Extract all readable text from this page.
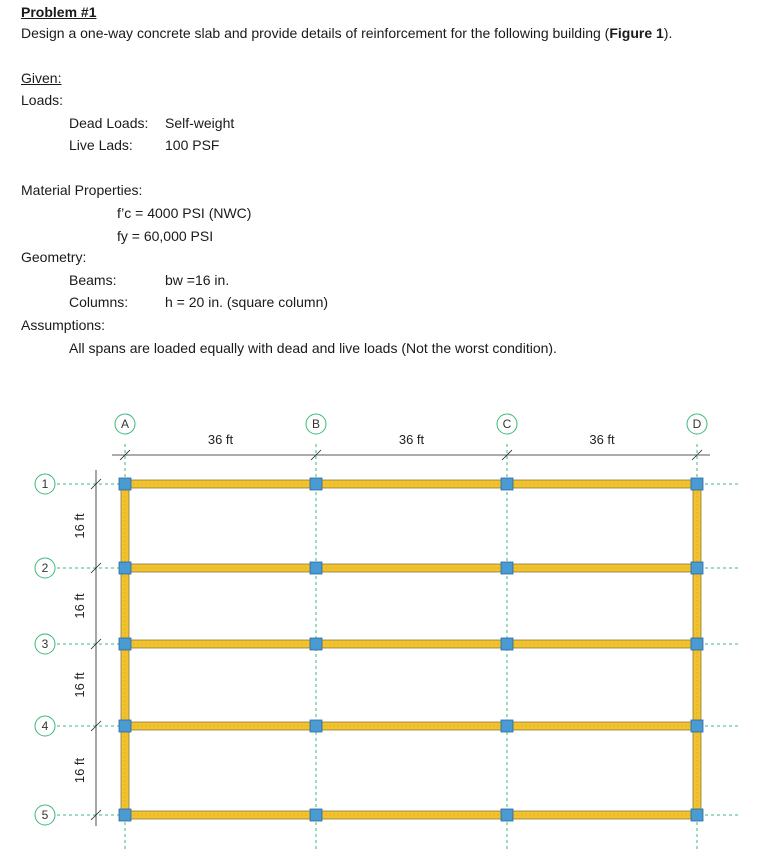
Problem #1
Design a one-way concrete slab and provide details of reinforcement for the following building (Figure 1).
Given:
Loads:
Dead Loads: Self-weight
Live Lads: 100 PSF
Material Properties:
f’c = 4000 PSI (NWC)
fy = 60,000 PSI
Geometry:
Beams:	bw =16 in.
Columns:	h = 20 in. (square column)
Assumptions:
All spans are loaded equally with dead and live loads (Not the worst condition).
A	B	C	D
1
2
3
4
5
36 ft	36 ft	36 ft
16 ft
16 ft
16 ft
16 ft
